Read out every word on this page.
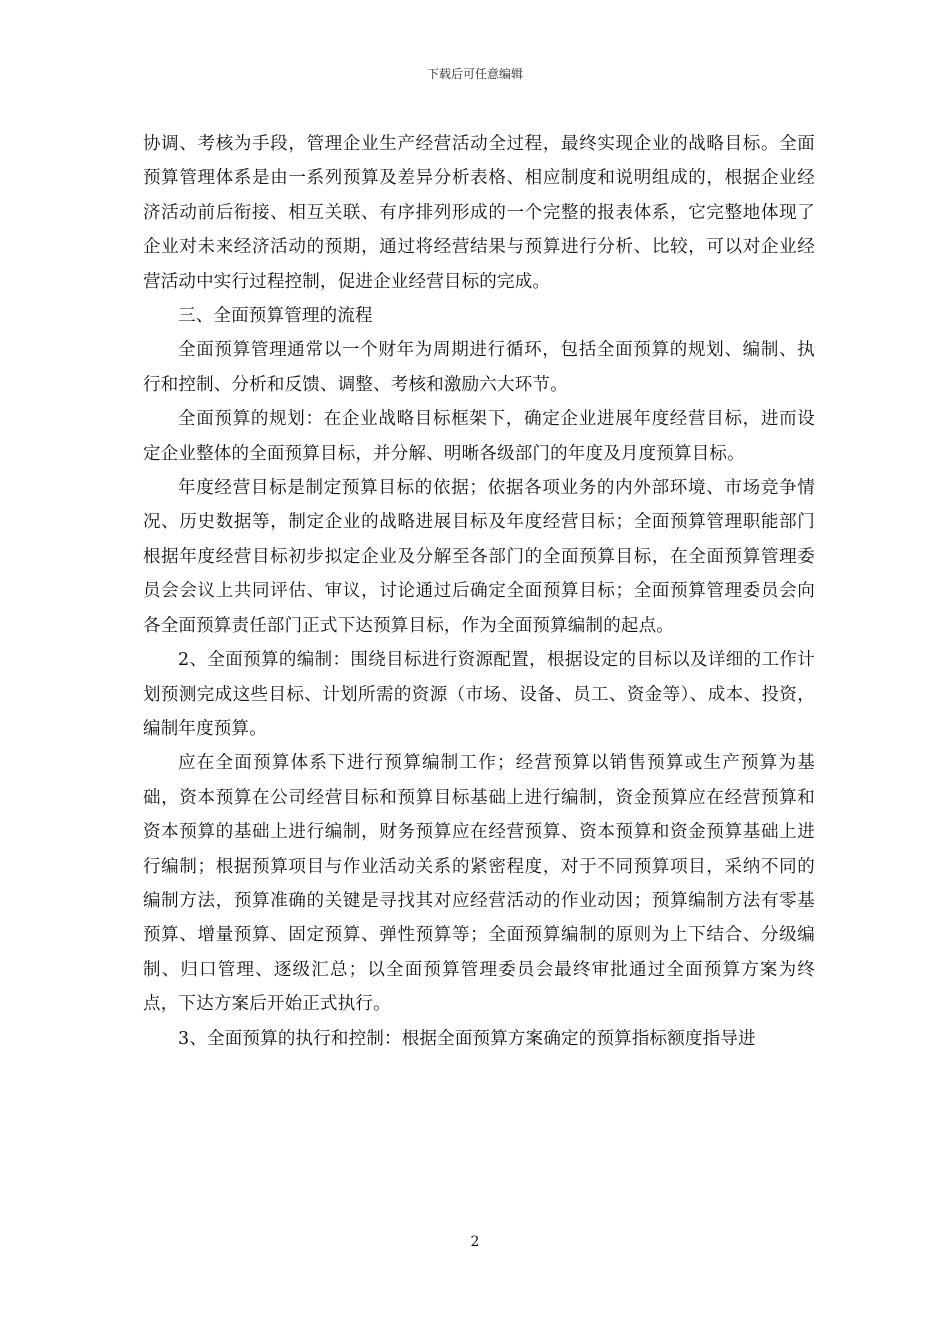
下载后可任意编辑

协调、考核为手段，管理企业生产经营活动全过程，最终实现企业的战略目标。全面预算管理体系是由一系列预算及差异分析表格、相应制度和说明组成的，根据企业经济活动前后衔接、相互关联、有序排列形成的一个完整的报表体系，它完整地体现了企业对未来经济活动的预期，通过将经营结果与预算进行分析、比较，可以对企业经营活动中实行过程控制，促进企业经营目标的完成。

三、全面预算管理的流程

全面预算管理通常以一个财年为周期进行循环，包括全面预算的规划、编制、执行和控制、分析和反馈、调整、考核和激励六大环节。

全面预算的规划：在企业战略目标框架下，确定企业进展年度经营目标，进而设定企业整体的全面预算目标，并分解、明晰各级部门的年度及月度预算目标。

年度经营目标是制定预算目标的依据；依据各项业务的内外部环境、市场竞争情况、历史数据等，制定企业的战略进展目标及年度经营目标；全面预算管理职能部门根据年度经营目标初步拟定企业及分解至各部门的全面预算目标，在全面预算管理委员会会议上共同评估、审议，讨论通过后确定全面预算目标；全面预算管理委员会向各全面预算责任部门正式下达预算目标，作为全面预算编制的起点。

2、全面预算的编制：围绕目标进行资源配置，根据设定的目标以及详细的工作计划预测完成这些目标、计划所需的资源（市场、设备、员工、资金等）、成本、投资，编制年度预算。

应在全面预算体系下进行预算编制工作；经营预算以销售预算或生产预算为基础，资本预算在公司经营目标和预算目标基础上进行编制，资金预算应在经营预算和资本预算的基础上进行编制，财务预算应在经营预算、资本预算和资金预算基础上进行编制；根据预算项目与作业活动关系的紧密程度，对于不同预算项目，采纳不同的编制方法，预算准确的关键是寻找其对应经营活动的作业动因；预算编制方法有零基预算、增量预算、固定预算、弹性预算等；全面预算编制的原则为上下结合、分级编制、归口管理、逐级汇总；以全面预算管理委员会最终审批通过全面预算方案为终点，下达方案后开始正式执行。

3、全面预算的执行和控制：根据全面预算方案确定的预算指标额度指导进

2
